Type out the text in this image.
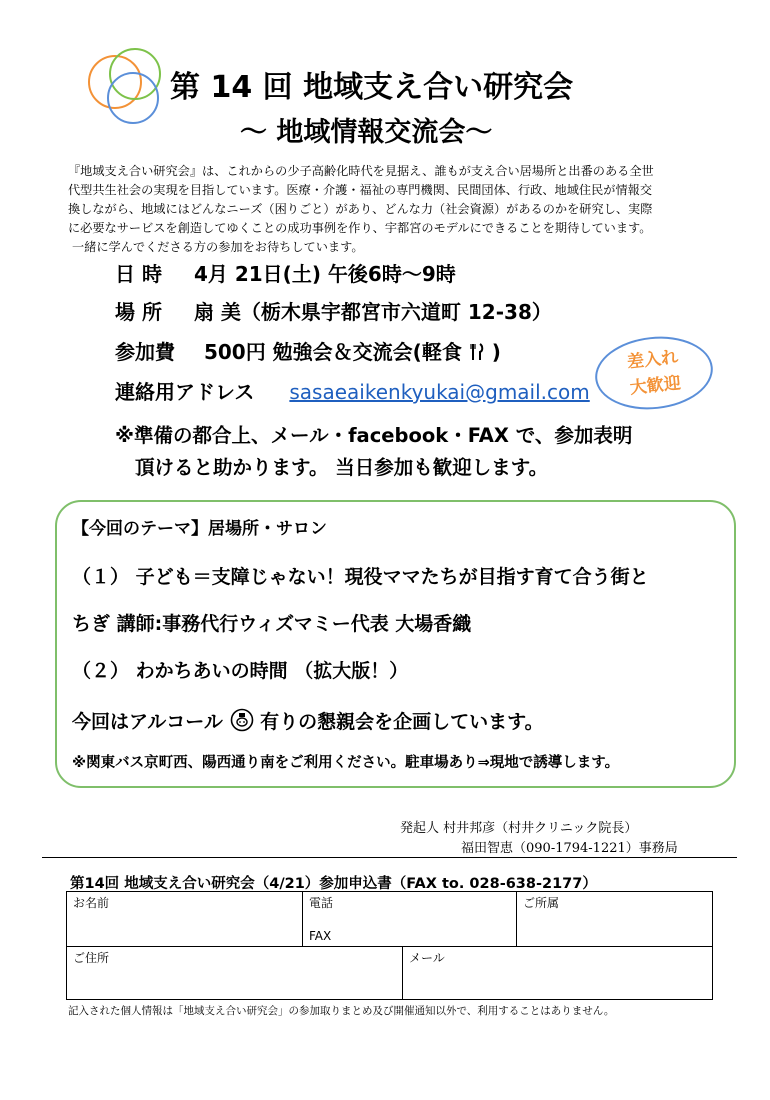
第 14 回 地域支え合い研究会
～ 地域情報交流会～

『地域支え合い研究会』は、これからの少子高齢化時代を見据え、誰もが支え合い居場所と出番のある全世

代型共生社会の実現を目指しています。医療・介護・福祉の専門機関、民間団体、行政、地域住民が情報交

換しながら、地域にはどんなニーズ（困りごと）があり、どんな力（社会資源）があるのかを研究し、実際

に必要なサービスを創造してゆくことの成功事例を作り、宇都宮のモデルにできることを期待しています。

一緒に学んでくださる方の参加をお待ちしています。

日 時 4月 21日(土) 午後6時～9時
場 所 扇 美（栃木県宇都宮市六道町 12-38）
参加費 500円 勉強会＆交流会(軽食 )
連絡用アドレス sasaeaikenkyukai@gmail.com
差入れ
大歓迎
※準備の都合上、メール・facebook・FAX で、参加表明
頂けると助かります。 当日参加も歓迎します。
【今回のテーマ】居場所・サロン
（１） 子ども＝支障じゃない！現役ママたちが目指す育て合う街と
ちぎ 講師:事務代行ウィズマミー代表 大場香織
（２） わかちあいの時間 （拡大版！）
今回はアルコール 有りの懇親会を企画しています。
※関東バス京町西、陽西通り南をご利用ください。駐車場あり⇒現地で誘導します。
発起人 村井邦彦（村井クリニック院長）
福田智恵（090-1794-1221）事務局
第14回 地域支え合い研究会（4/21）参加申込書（FAX to. 028-638-2177）
お名前	電話
FAX
ご所属
ご住所	メール
記入された個人情報は「地域支え合い研究会」の参加取りまとめ及び開催通知以外で、利用することはありません。
